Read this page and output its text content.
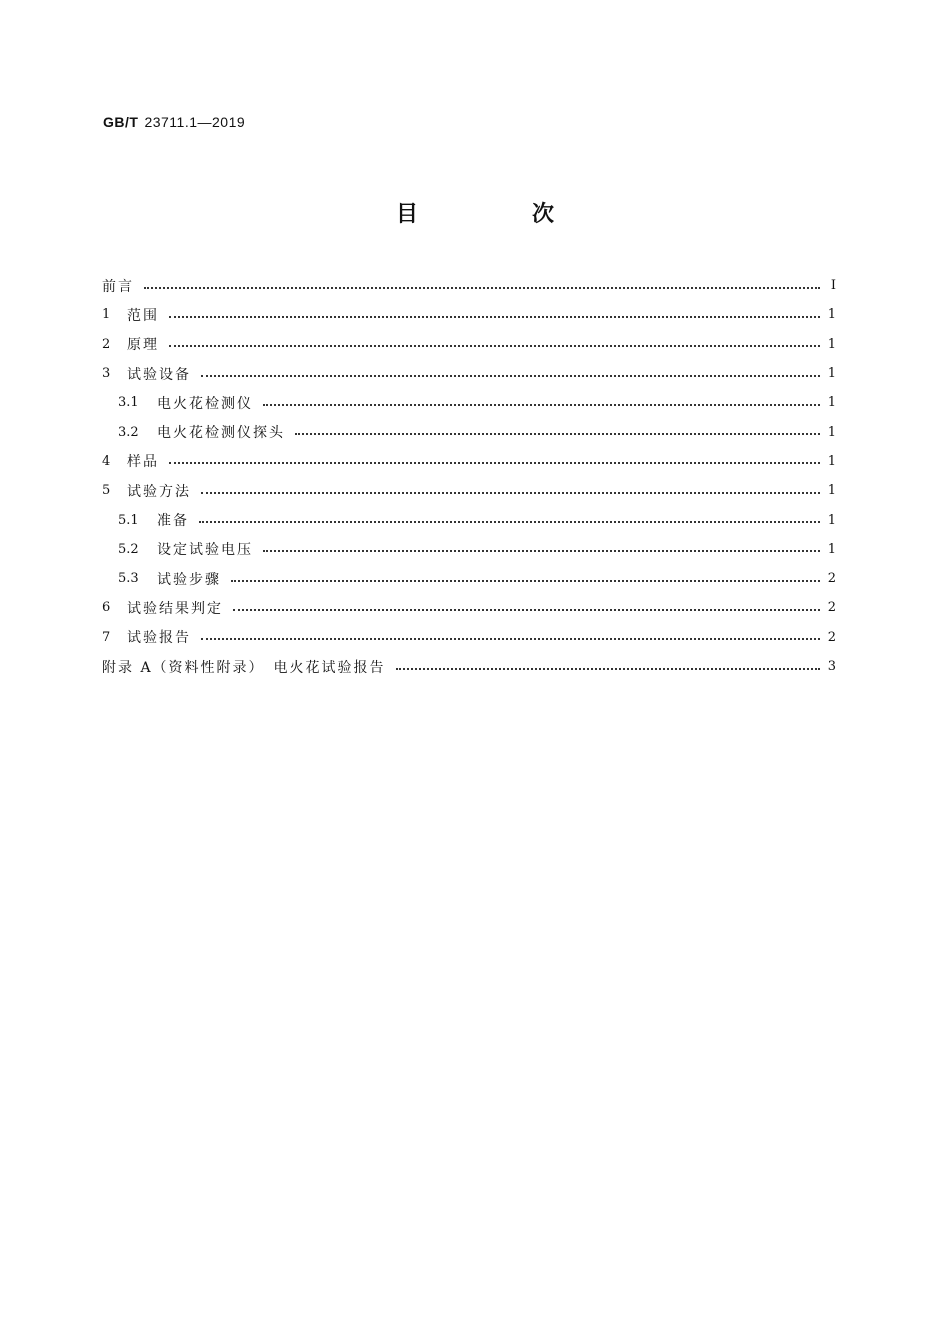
GB/T 23711.1—2019
目　次
前言	Ⅰ
1	范围	1
2	原理	1
3	试验设备	1
3.1	电火花检测仪	1
3.2	电火花检测仪探头	1
4	样品	1
5	试验方法	1
5.1	准备	1
5.2	设定试验电压	1
5.3	试验步骤	2
6	试验结果判定	2
7	试验报告	2
附录 A（资料性附录）　电火花试验报告	3
